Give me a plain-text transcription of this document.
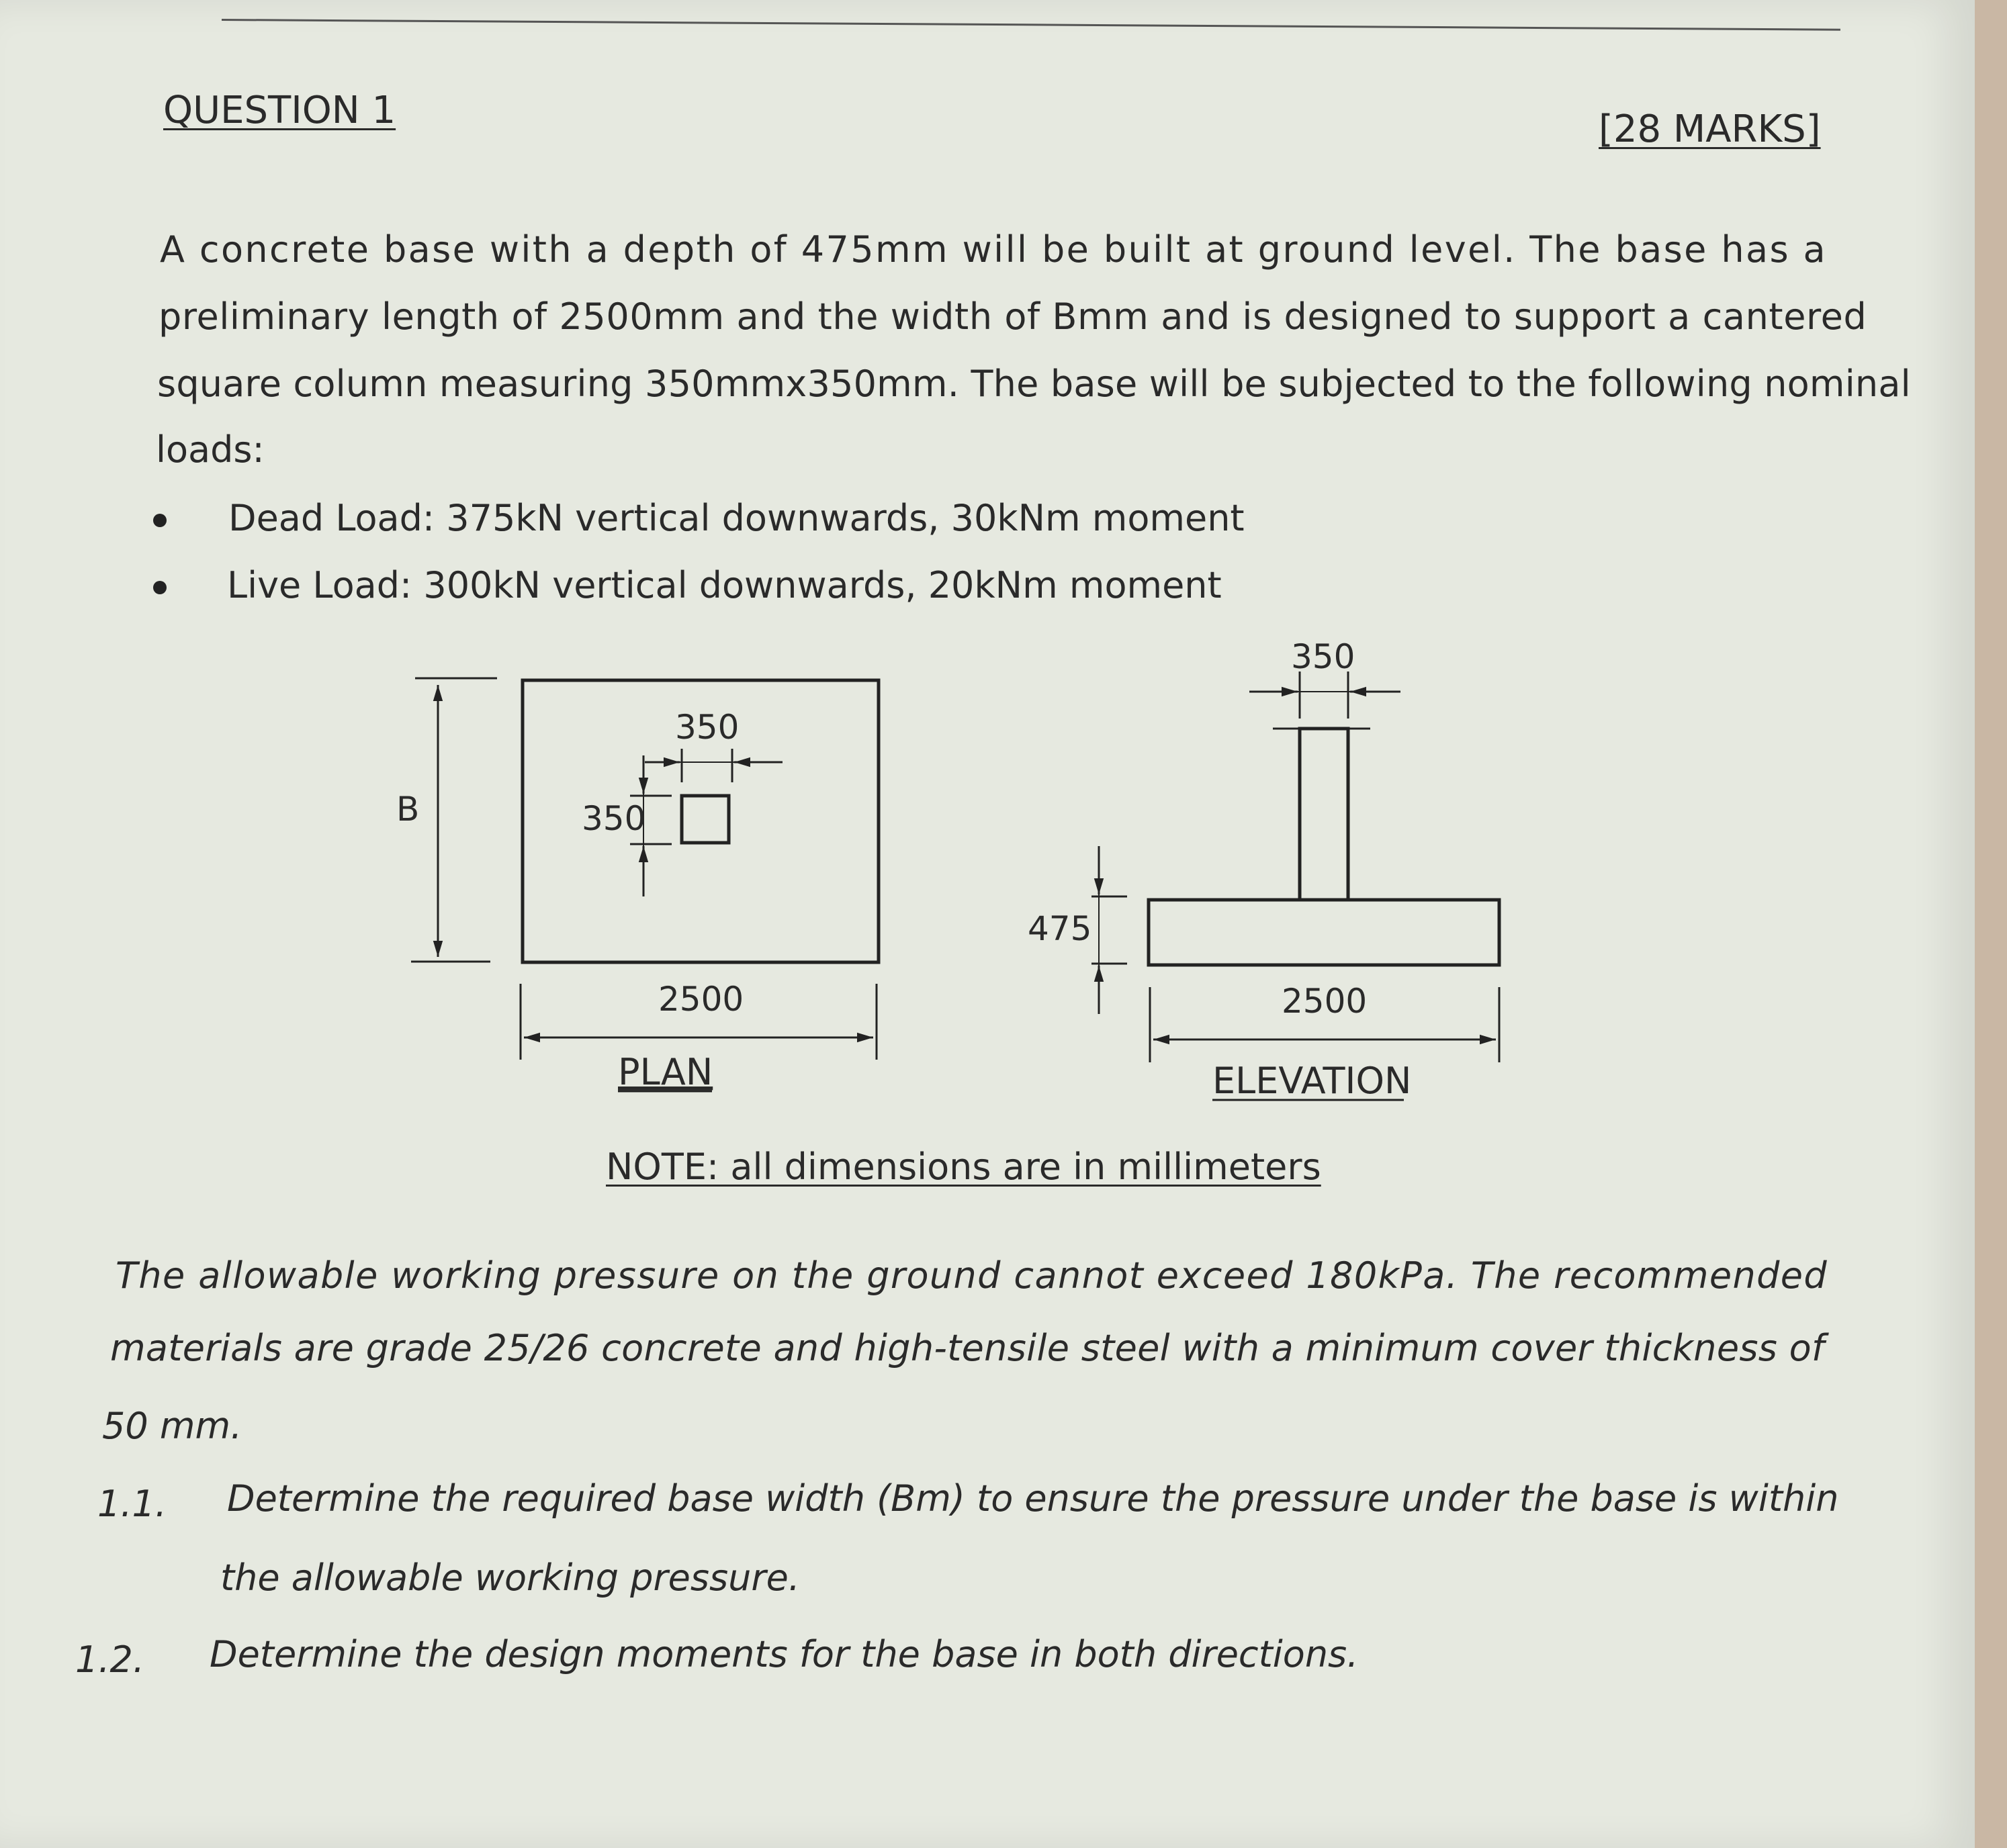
QUESTION 1	[28 MARKS]

A concrete base with a depth of 475mm will be built at ground level. The base has a

preliminary length of 2500mm and the width of Bmm and is designed to support a cantered

square column measuring 350mmx350mm. The base will be subjected to the following nominal

loads:

Dead Load: 375kN vertical downwards, 30kNm moment

Live Load: 300kN vertical downwards, 20kNm moment

B
350
350
2500
PLAN
350
475
2500
ELEVATION

NOTE: all dimensions are in millimeters

The allowable working pressure on the ground cannot exceed 180kPa. The recommended

materials are grade 25/26 concrete and high-tensile steel with a minimum cover thickness of

50 mm.

1.1. Determine the required base width (Bm) to ensure the pressure under the base is within

the allowable working pressure.

1.2. Determine the design moments for the base in both directions.
